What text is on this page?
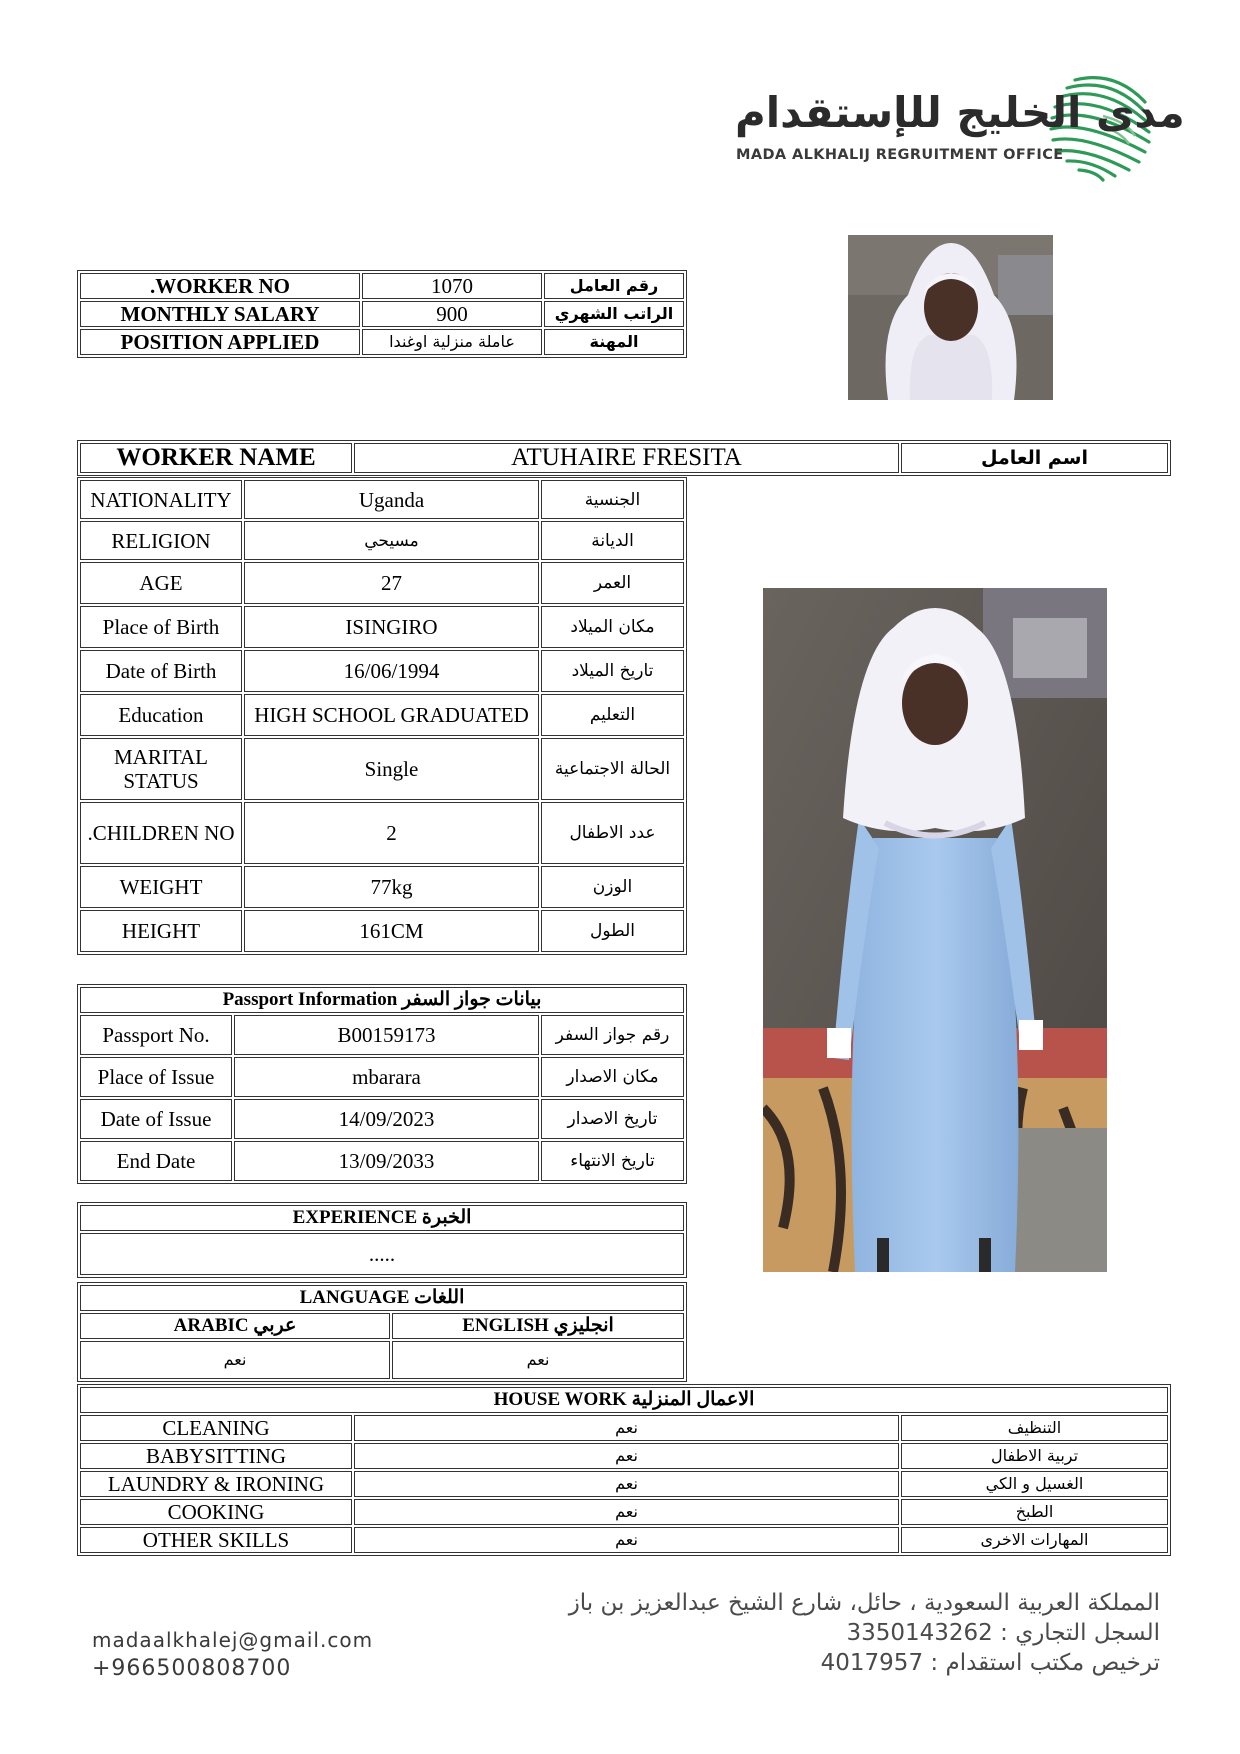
مدى الخليج للإستقدام
MADA ALKHALIJ REGRUITMENT OFFICE
.WORKER NO	1070	رقم العامل
MONTHLY SALARY	900	الراتب الشهري
POSITION APPLIED	عاملة منزلية اوغندا	المهنة
WORKER NAME	ATUHAIRE FRESITA	اسم العامل
NATIONALITY	Uganda	الجنسية
RELIGION	مسيحي	الديانة
AGE	27	العمر
Place of Birth	ISINGIRO	مكان الميلاد
Date of Birth	16/06/1994	تاريخ الميلاد
Education	HIGH SCHOOL GRADUATED	التعليم
MARITAL STATUS	Single	الحالة الاجتماعية
.CHILDREN NO	2	عدد الاطفال
WEIGHT	77kg	الوزن
HEIGHT	161CM	الطول
Passport Information بيانات جواز السفر		
Passport No.	B00159173	رقم جواز السفر
Place of Issue	mbarara	مكان الاصدار
Date of Issue	14/09/2023	تاريخ الاصدار
End Date	13/09/2033	تاريخ الانتهاء
EXPERIENCE الخبرة
.....
LANGUAGE اللغات	
ARABIC عربي	ENGLISH انجليزي
نعم	نعم
HOUSE WORK الاعمال المنزلية		
CLEANING	نعم	التنظيف
BABYSITTING	نعم	تربية الاطفال
LAUNDRY & IRONING	نعم	الغسيل و الكي
COOKING	نعم	الطبخ
OTHER SKILLS	نعم	المهارات الاخرى
المملكة العربية السعودية ، حائل، شارع الشيخ عبدالعزيز بن باز
السجل التجاري : 3350143262
ترخيص مكتب استقدام : 4017957
madaalkhalej@gmail.com
+966500808700
